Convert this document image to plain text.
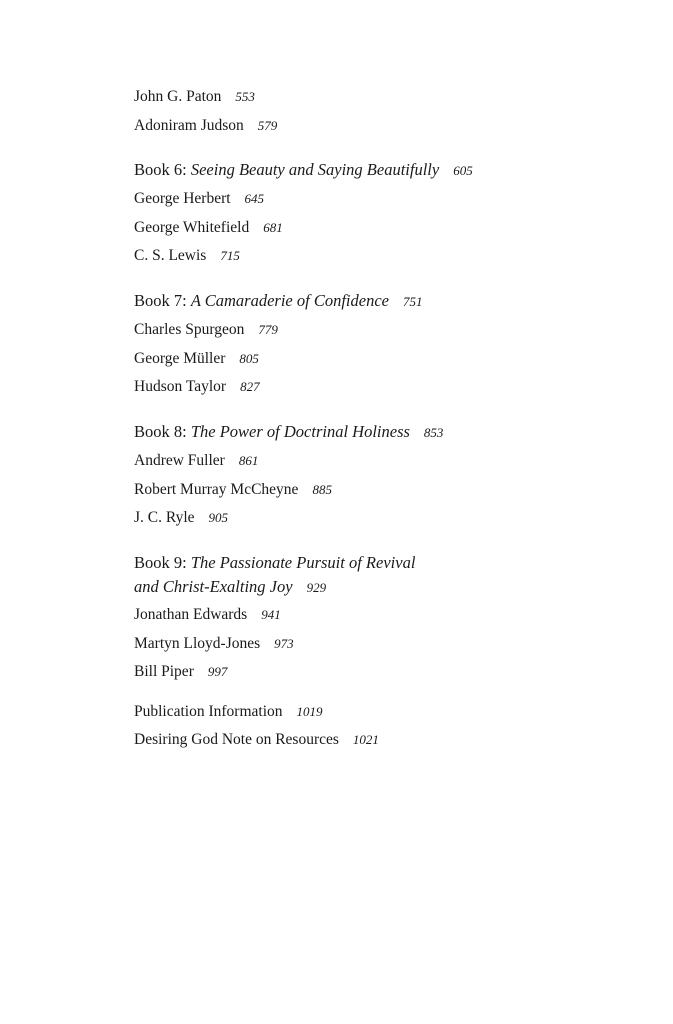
John G. Paton 553
Adoniram Judson 579
Book 6: Seeing Beauty and Saying Beautifully 605
George Herbert 645
George Whitefield 681
C. S. Lewis 715
Book 7: A Camaraderie of Confidence 751
Charles Spurgeon 779
George Müller 805
Hudson Taylor 827
Book 8: The Power of Doctrinal Holiness 853
Andrew Fuller 861
Robert Murray McCheyne 885
J. C. Ryle 905
Book 9: The Passionate Pursuit of Revival and Christ-Exalting Joy 929
Jonathan Edwards 941
Martyn Lloyd-Jones 973
Bill Piper 997
Publication Information 1019
Desiring God Note on Resources 1021
